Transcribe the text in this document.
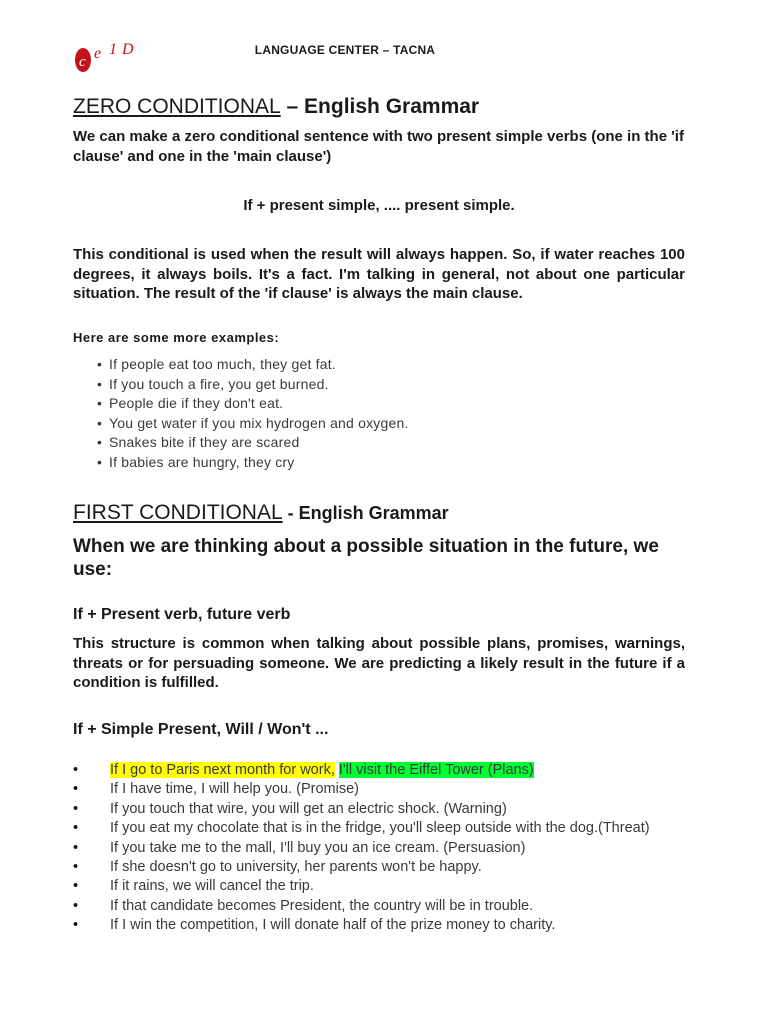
c e 1 D	LANGUAGE CENTER – TACNA
ZERO CONDITIONAL – English Grammar
We can make a zero conditional sentence with two present simple verbs (one in the 'if clause' and one in the 'main clause')
If + present simple, .... present simple.
This conditional is used when the result will always happen. So, if water reaches 100 degrees, it always boils. It's a fact. I'm talking in general, not about one particular situation. The result of the 'if clause' is always the main clause.
Here are some more examples:
• If people eat too much, they get fat.
• If you touch a fire, you get burned.
• People die if they don't eat.
• You get water if you mix hydrogen and oxygen.
• Snakes bite if they are scared
• If babies are hungry, they cry
FIRST CONDITIONAL - English Grammar
When we are thinking about a possible situation in the future, we use:
If + Present verb, future verb
This structure is common when talking about possible plans, promises, warnings, threats or for persuading someone. We are predicting a likely result in the future if a condition is fulfilled.
If + Simple Present, Will / Won't ...
• If I go to Paris next month for work, I'll visit the Eiffel Tower (Plans)
• If I have time, I will help you. (Promise)
• If you touch that wire, you will get an electric shock. (Warning)
• If you eat my chocolate that is in the fridge, you'll sleep outside with the dog.(Threat)
• If you take me to the mall, I'll buy you an ice cream. (Persuasion)
• If she doesn't go to university, her parents won't be happy.
• If it rains, we will cancel the trip.
• If that candidate becomes President, the country will be in trouble.
• If I win the competition, I will donate half of the prize money to charity.
